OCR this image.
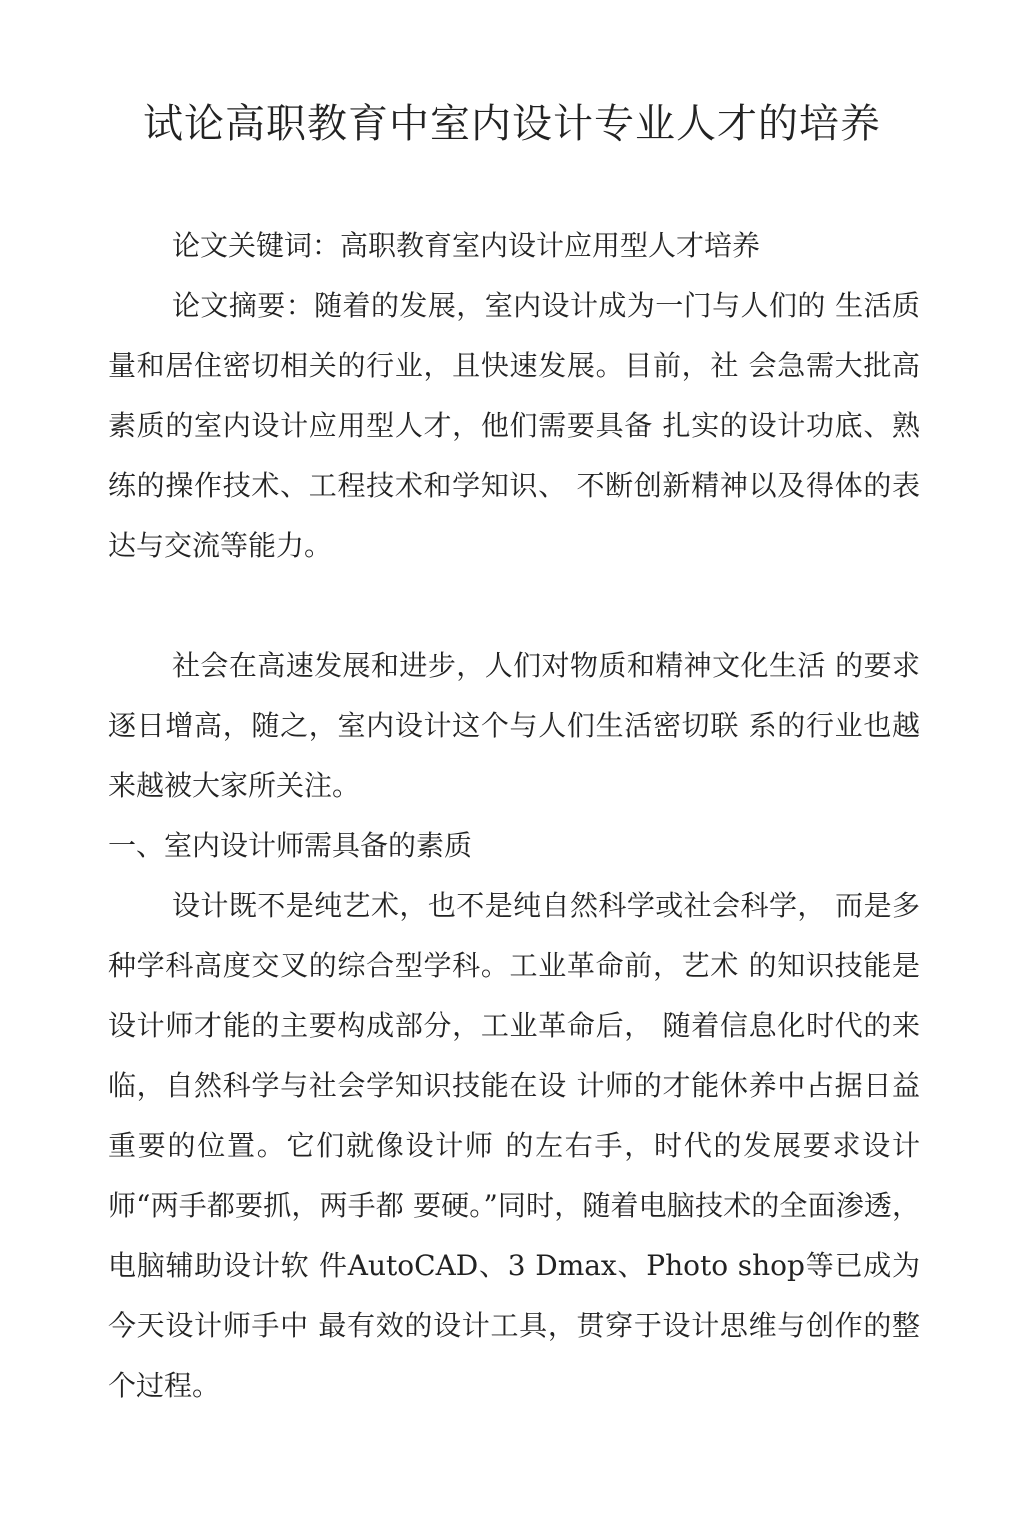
试论高职教育中室内设计专业人才的培养

论文关键词：高职教育室内设计应用型人才培养

论文摘要：随着的发展，室内设计成为一门与人们的 生活质量和居住密切相关的行业，且快速发展。目前，社 会急需大批高素质的室内设计应用型人才，他们需要具备 扎实的设计功底、熟练的操作技术、工程技术和学知识、 不断创新精神以及得体的表达与交流等能力。

社会在高速发展和进步，人们对物质和精神文化生活 的要求逐日增高，随之，室内设计这个与人们生活密切联 系的行业也越来越被大家所关注。

一、室内设计师需具备的素质

设计既不是纯艺术，也不是纯自然科学或社会科学， 而是多种学科高度交叉的综合型学科。工业革命前，艺术 的知识技能是设计师才能的主要构成部分，工业革命后， 随着信息化时代的来临，自然科学与社会学知识技能在设 计师的才能休养中占据日益重要的位置。它们就像设计师 的左右手，时代的发展要求设计师“两手都要抓，两手都 要硬。”同时，随着电脑技术的全面渗透，电脑辅助设计软 件AutoCAD、3 Dmax、Photo shop等已成为今天设计师手中 最有效的设计工具，贯穿于设计思维与创作的整个过程。
